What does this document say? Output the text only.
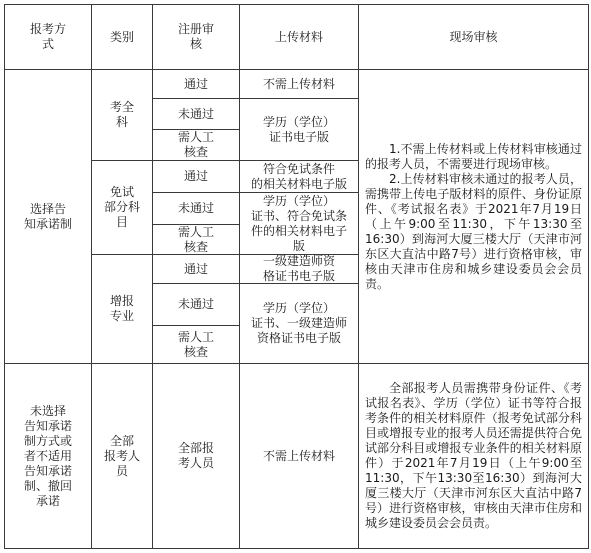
报考方
式
类别
注册审
核
上传材料	现场审核
选择告
知承诺制
考全
科
免试
部分科
目
增报
专业
通过
未通过
需人工
核查
通过
未通过
需人工
核查
通过
未通过
需人工
核查
不需上传材料
学历（学位）
证书电子版
符合免试条件
的相关材料电子版
学历（学位）
证书、符合免试条
件的相关材料电子
版
一级建造师资
格证书电子版
学历（学位）
证书、一级建造师
资格证书电子版
1.不需上传材料或上传材料审核通过的报考人员，不需要进行现场审核。
2.上传材料审核未通过的报考人员，需携带上传电子版材料的原件、身份证原件、《考试报名表》于2021年7月19日（上午9:00至11:30，下午13:30至16:30）到海河大厦三楼大厅（天津市河东区大直沽中路7号）进行资格审核，审核由天津市住房和城乡建设委员会会员责。
未选择
告知承诺
制方式或
者不适用
告知承诺
制、撤回
承诺
全部
报考人
员
全部报
考人员
不需上传材料
全部报考人员需携带身份证件、《考试报名表》、学历（学位）证书等符合报考条件的相关材料原件（报考免试部分科目或增报专业的报考人员还需提供符合免试部分科目或增报专业条件的相关材料原件）于2021年7月19日（上午9:00至11:30，下午13:30至16:30）到海河大厦三楼大厅（天津市河东区大直沽中路7号）进行资格审核，审核由天津市住房和城乡建设委员会会员责。
